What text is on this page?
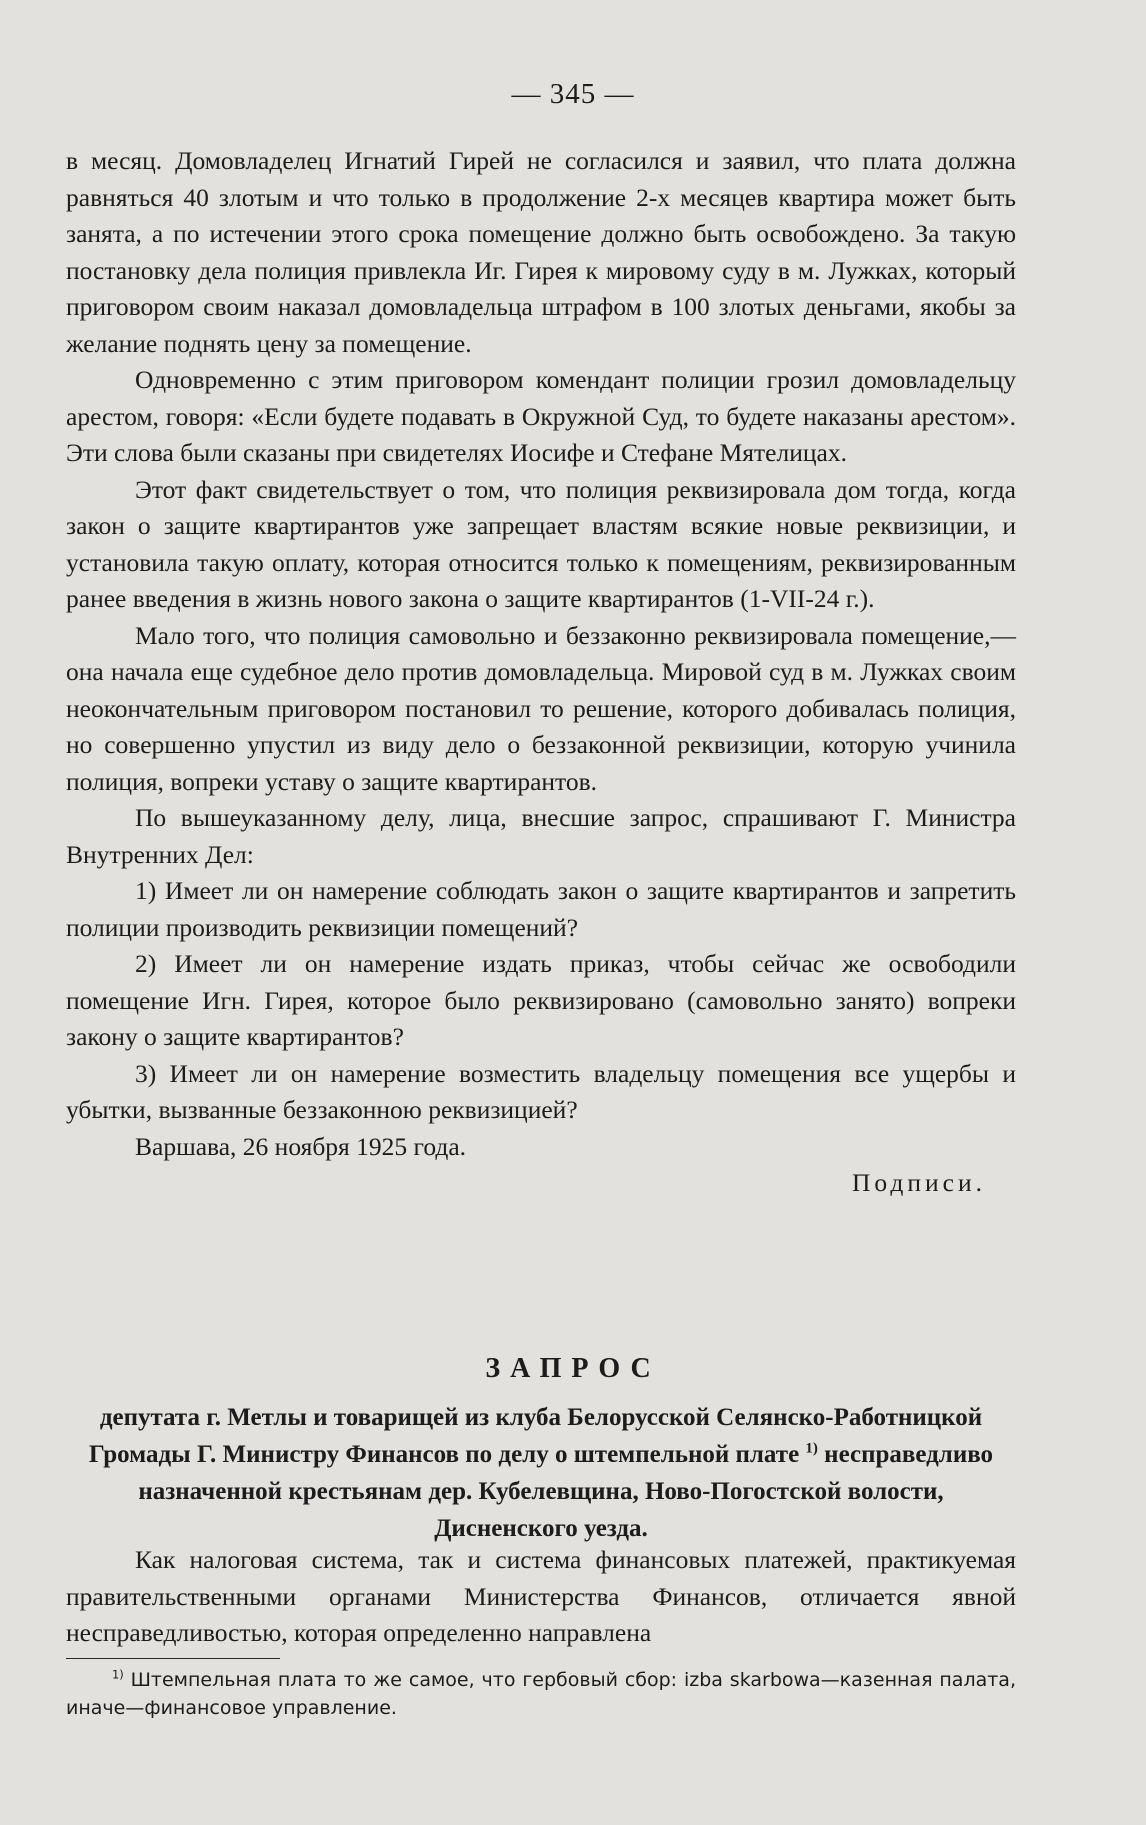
— 345 —

в месяц. Домовладелец Игнатий Гирей не согласился и заявил, что плата должна равняться 40 злотым и что только в продолжение 2-х месяцев квартира может быть занята, а по истечении этого срока помещение должно быть освобождено. За такую постановку дела полиция привлекла Иг. Гирея к мировому суду в м. Лужках, который приговором своим наказал домовладельца штрафом в 100 злотых деньгами, якобы за желание поднять цену за помещение.

Одновременно с этим приговором комендант полиции грозил домовладельцу арестом, говоря: «Если будете подавать в Окружной Суд, то будете наказаны арестом». Эти слова были сказаны при свидетелях Иосифе и Стефане Мятелицах.

Этот факт свидетельствует о том, что полиция реквизировала дом тогда, когда закон о защите квартирантов уже запрещает властям всякие новые реквизиции, и установила такую оплату, которая относится только к помещениям, реквизированным ранее введения в жизнь нового закона о защите квартирантов (1-VII-24 г.).

Мало того, что полиция самовольно и беззаконно реквизировала помещение,—она начала еще судебное дело против домовладельца. Мировой суд в м. Лужках своим неокончательным приговором постановил то решение, которого добивалась полиция, но совершенно упустил из виду дело о беззаконной реквизиции, которую учинила полиция, вопреки уставу о защите квартирантов.

По вышеуказанному делу, лица, внесшие запрос, спрашивают Г. Министра Внутренних Дел:

1) Имеет ли он намерение соблюдать закон о защите квартирантов и запретить полиции производить реквизиции помещений?

2) Имеет ли он намерение издать приказ, чтобы сейчас же освободили помещение Игн. Гирея, которое было реквизировано (самовольно занято) вопреки закону о защите квартирантов?

3) Имеет ли он намерение возместить владельцу помещения все ущербы и убытки, вызванные беззаконною реквизицией?

Варшава, 26 ноября 1925 года.

Подписи.

ЗАПРОС
депутата г. Метлы и товарищей из клуба Белорусской Селянско-Работницкой Громады Г. Министру Финансов по делу о штемпельной плате $^{1)}$ несправедливо назначенной крестьянам дер. Кубелевщина, Ново-Погостской волости, Дисненского уезда.

Как налоговая система, так и система финансовых платежей, практикуемая правительственными органами Министерства Финансов, отличается явной несправедливостью, которая определенно направлена

$^{1)}$ Штемпельная плата то же самое, что гербовый сбор: izba skarbowa—казенная палата, иначе—финансовое управление.
